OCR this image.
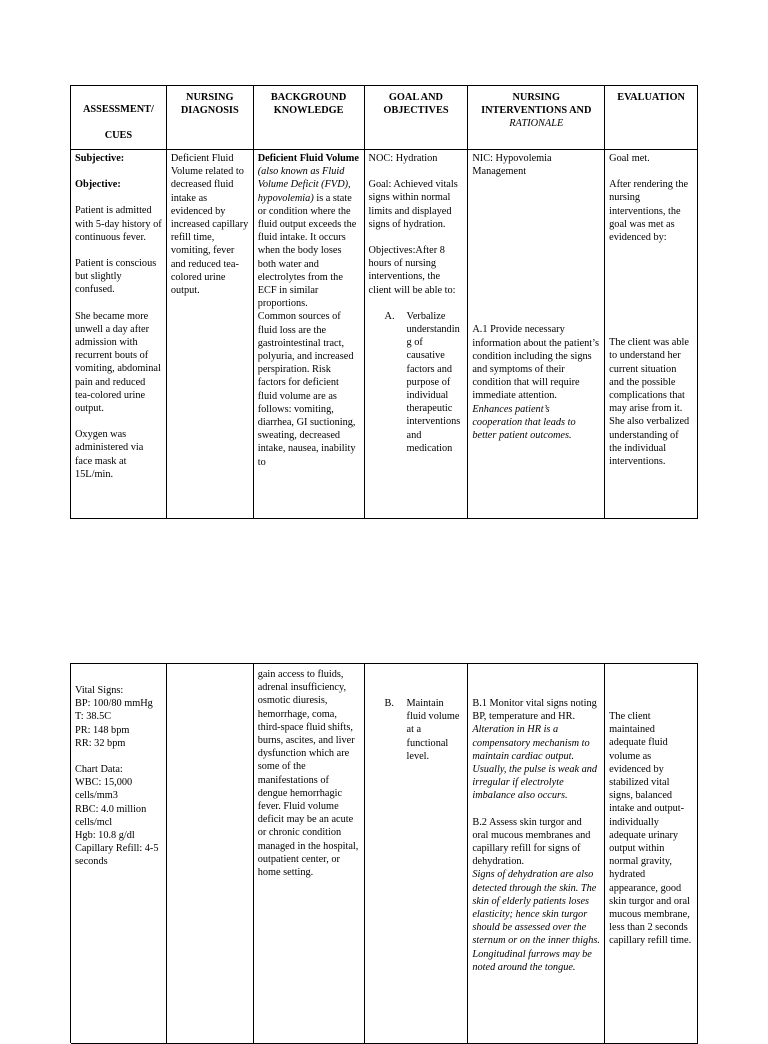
ASSESSMENT/

CUES

NURSING DIAGNOSIS

BACKGROUND KNOWLEDGE

GOAL AND OBJECTIVES

NURSING INTERVENTIONS AND RATIONALE

EVALUATION

Subjective:

Objective:

Patient is admitted with 5-day history of continuous fever.

Patient is conscious but slightly confused.

She became more unwell a day after admission with recurrent bouts of vomiting, abdominal pain and reduced tea-colored urine output.

Oxygen was administered via face mask at 15L/min.

Deficient Fluid Volume related to decreased fluid intake as evidenced by increased capillary refill time, vomiting, fever and reduced tea-colored urine output.

Deficient Fluid Volume (also known as Fluid Volume Deficit (FVD), hypovolemia) is a state or condition where the fluid output exceeds the fluid intake. It occurs when the body loses both water and electrolytes from the ECF in similar proportions.

Common sources of fluid loss are the gastrointestinal tract, polyuria, and increased perspiration. Risk factors for deficient fluid volume are as follows: vomiting, diarrhea, GI suctioning, sweating, decreased intake, nausea, inability to

NOC: Hydration

Goal: Achieved vitals signs within normal limits and displayed signs of hydration.

Objectives:After 8 hours of nursing interventions, the client will be able to:

A.	Verbalize understandin g of causative factors and purpose of individual therapeutic interventions and medication

NIC: Hypovolemia Management

A.1 Provide necessary information about the patient’s condition including the signs and symptoms of their condition that will require immediate attention.

Enhances patient’s cooperation that leads to better patient outcomes.

Goal met.

After rendering the nursing interventions, the goal was met as evidenced by:

The client was able to understand her current situation and the possible complications that may arise from it. She also verbalized understanding of the individual interventions.

Vital Signs:

BP: 100/80 mmHg

T: 38.5C

PR: 148 bpm

RR: 32 bpm

Chart Data:

WBC: 15,000 cells/mm3

RBC: 4.0 million cells/mcl

Hgb: 10.8 g/dl

Capillary Refill: 4-5 seconds

gain access to fluids, adrenal insufficiency, osmotic diuresis, hemorrhage, coma, third-space fluid shifts, burns, ascites, and liver dysfunction which are some of the manifestations of dengue hemorrhagic fever. Fluid volume deficit may be an acute or chronic condition managed in the hospital, outpatient center, or home setting.

B.	Maintain fluid volume at a functional level.

B.1 Monitor vital signs noting BP, temperature and HR.

Alteration in HR is a compensatory mechanism to maintain cardiac output. Usually, the pulse is weak and irregular if electrolyte imbalance also occurs.

B.2 Assess skin turgor and oral mucous membranes and capillary refill for signs of dehydration.

Signs of dehydration are also detected through the skin. The skin of elderly patients loses elasticity; hence skin turgor should be assessed over the sternum or on the inner thighs. Longitudinal furrows may be noted around the tongue.

The client maintained adequate fluid volume as evidenced by stabilized vital signs, balanced intake and output-individually adequate urinary output within normal gravity, hydrated appearance, good skin turgor and oral mucous membrane, less than 2 seconds capillary refill time.
